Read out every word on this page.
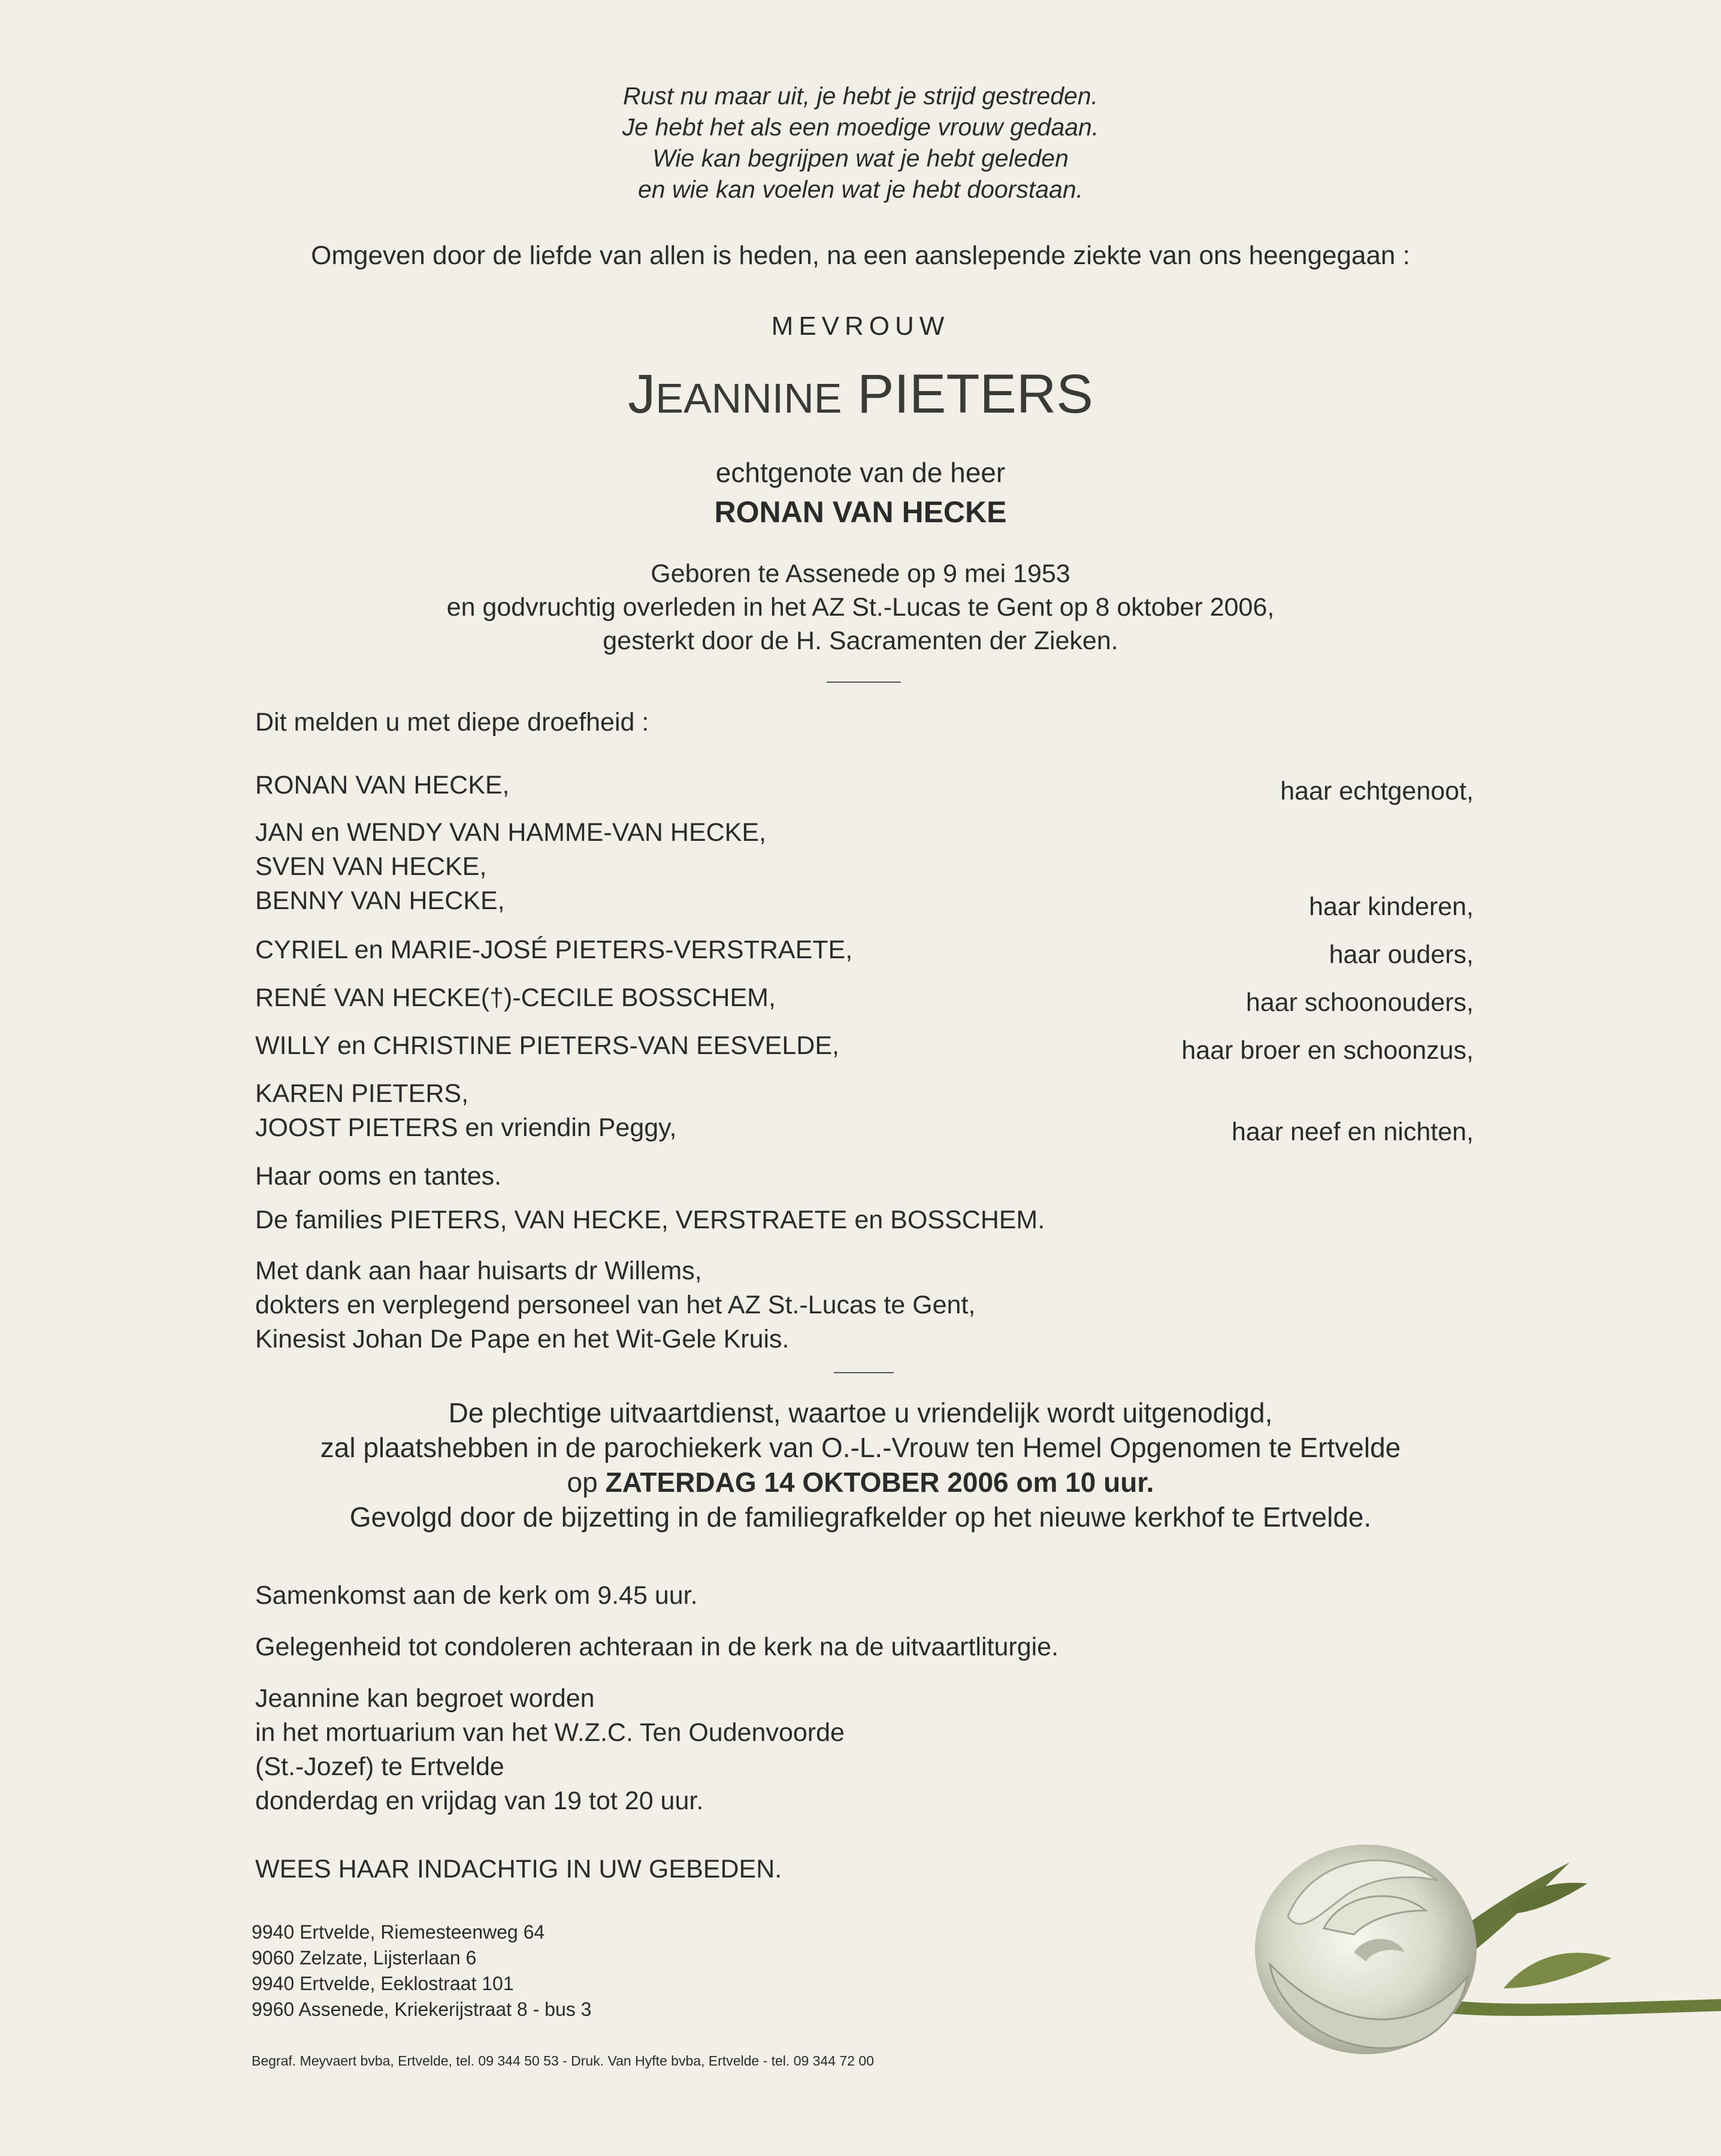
Rust nu maar uit, je hebt je strijd gestreden.
Je hebt het als een moedige vrouw gedaan.
Wie kan begrijpen wat je hebt geleden
en wie kan voelen wat je hebt doorstaan.
Omgeven door de liefde van allen is heden, na een aanslepende ziekte van ons heengegaan :
MEVROUW
JEANNINE PIETERS
echtgenote van de heer
RONAN VAN HECKE
Geboren te Assenede op 9 mei 1953
en godvruchtig overleden in het AZ St.-Lucas te Gent op 8 oktober 2006,
gesterkt door de H. Sacramenten der Zieken.
Dit melden u met diepe droefheid :
RONAN VAN HECKE,
JAN en WENDY VAN HAMME-VAN HECKE,
SVEN VAN HECKE,
BENNY VAN HECKE,
CYRIEL en MARIE-JOSÉ PIETERS-VERSTRAETE,
RENÉ VAN HECKE(†)-CECILE BOSSCHEM,
WILLY en CHRISTINE PIETERS-VAN EESVELDE,
KAREN PIETERS,
JOOST PIETERS en vriendin Peggy,
haar echtgenoot,
haar kinderen,
haar ouders,
haar schoonouders,
haar broer en schoonzus,
haar neef en nichten,
Haar ooms en tantes.
De families PIETERS, VAN HECKE, VERSTRAETE en BOSSCHEM.
Met dank aan haar huisarts dr Willems,
dokters en verplegend personeel van het AZ St.-Lucas te Gent,
Kinesist Johan De Pape en het Wit-Gele Kruis.
De plechtige uitvaartdienst, waartoe u vriendelijk wordt uitgenodigd,
zal plaatshebben in de parochiekerk van O.-L.-Vrouw ten Hemel Opgenomen te Ertvelde
op ZATERDAG 14 OKTOBER 2006 om 10 uur.
Gevolgd door de bijzetting in de familiegrafkelder op het nieuwe kerkhof te Ertvelde.
Samenkomst aan de kerk om 9.45 uur.
Gelegenheid tot condoleren achteraan in de kerk na de uitvaartliturgie.
Jeannine kan begroet worden
in het mortuarium van het W.Z.C. Ten Oudenvoorde
(St.-Jozef) te Ertvelde
donderdag en vrijdag van 19 tot 20 uur.
WEES HAAR INDACHTIG IN UW GEBEDEN.
9940 Ertvelde, Riemesteenweg 64
9060 Zelzate, Lijsterlaan 6
9940 Ertvelde, Eeklostraat 101
9960 Assenede, Kriekerijstraat 8 - bus 3
Begraf. Meyvaert bvba, Ertvelde, tel. 09 344 50 53 - Druk. Van Hyfte bvba, Ertvelde - tel. 09 344 72 00
